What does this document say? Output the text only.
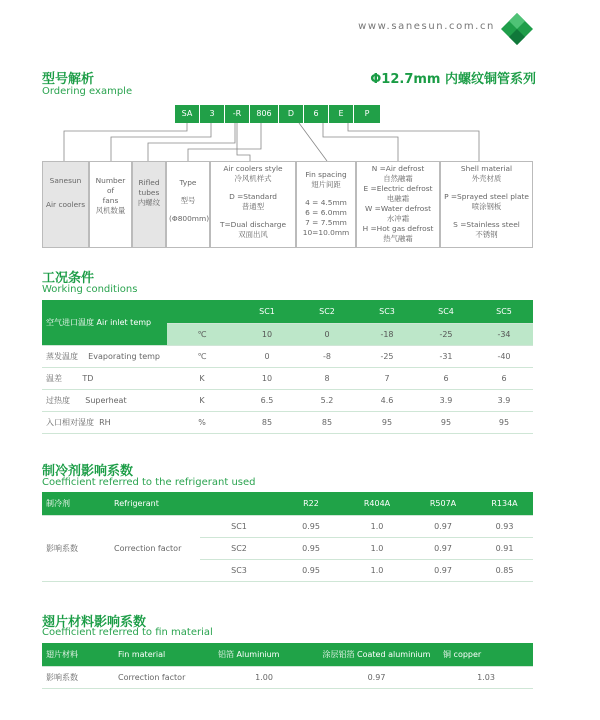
www.sanesun.com.cn
型号解析
Ordering example
Φ12.7mm 内螺纹铜管系列
SA	3	-R	806	D	6	E	P
Sanesun
Air coolers
Number
of
fans
风机数量
Rifled
tubes
内螺纹
Type
型号
(Φ800mm)
Air coolers style
冷风机样式
D =Standard
普通型
T=Dual discharge
双面出风
Fin spacing
翅片间距
4 = 4.5mm
6 = 6.0mm
7 = 7.5mm
10=10.0mm
N =Air defrost
自然融霜
E =Electric defrost
电融霜
W =Water defrost
水冲霜
H =Hot gas defrost
热气融霜
Shell material
外壳材质
P =Sprayed steel plate
喷涂钢板
S =Stainless steel
不锈钢
工况条件
Working conditions
空气进口温度 Air inlet temp		SC1	SC2	SC3	SC4	SC5
	℃	10	0	-18	-25	-34
蒸发温度 Evaporating temp	℃	0	-8	-25	-31	-40
温差 TD	K	10	8	7	6	6
过热度 Superheat	K	6.5	5.2	4.6	3.9	3.9
入口相对湿度 RH	%	85	85	95	95	95
制冷剂影响系数
Coefficient referred to the refrigerant used
制冷剂	Refrigerant		R22	R404A	R507A	R134A
影响系数	Correction factor	SC1	0.95	1.0	0.97	0.93
		SC2	0.95	1.0	0.97	0.91
		SC3	0.95	1.0	0.97	0.85
翅片材料影响系数
Coefficient referred to fin material
翅片材料	Fin material	铝箔 Aluminium	涂层铝箔 Coated aluminium	铜 copper
影响系数	Correction factor	1.00	0.97	1.03
